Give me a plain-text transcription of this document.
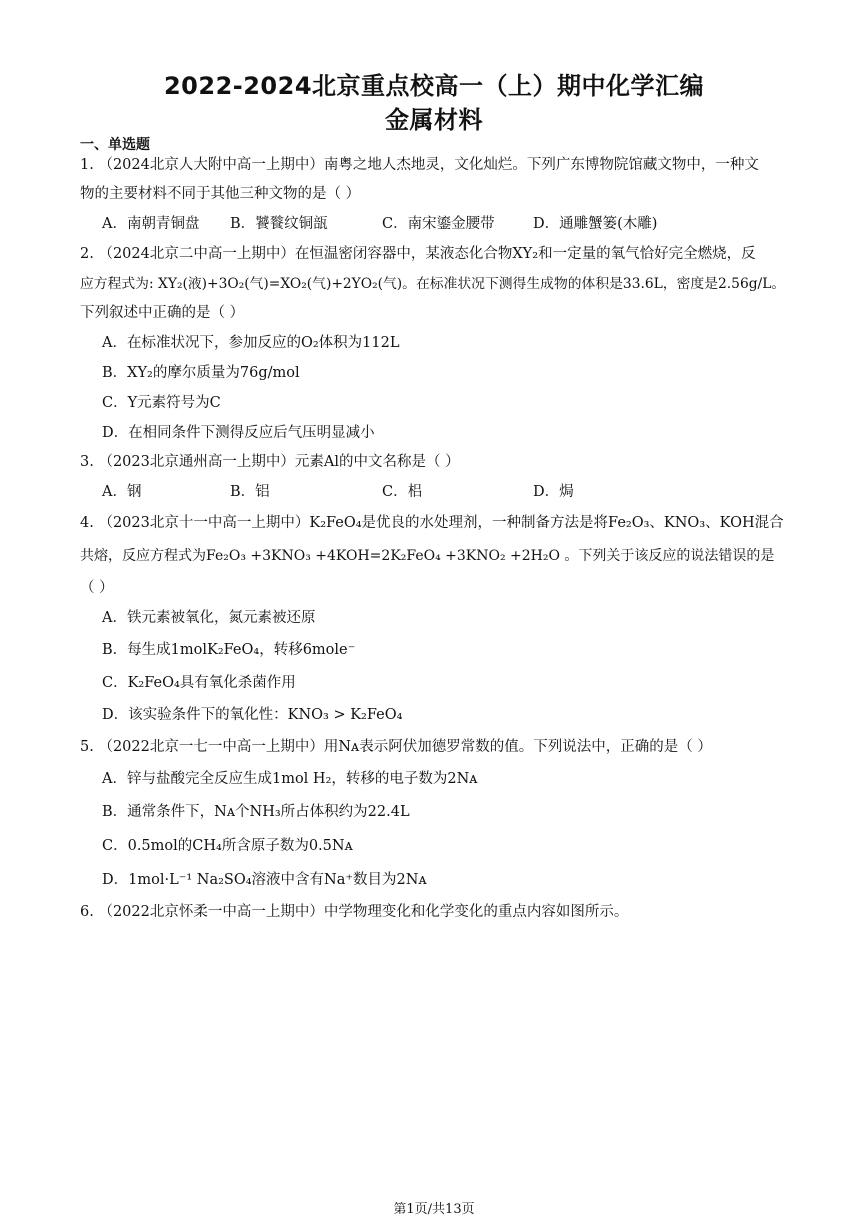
2022-2024北京重点校高一（上）期中化学汇编
金属材料
一、单选题
1. （2024北京人大附中高一上期中）南粤之地人杰地灵，文化灿烂。下列广东博物院馆藏文物中，一种文
物的主要材料不同于其他三种文物的是（ ）
A．南朝青铜盘 B．饕餮纹铜瓿	C．南宋鎏金腰带	D．通雕蟹篓(木雕)
2. （2024北京二中高一上期中）在恒温密闭容器中，某液态化合物XY₂和一定量的氧气恰好完全燃烧，反
应方程式为: XY₂(液)+3O₂(气)=XO₂(气)+2YO₂(气)。在标准状况下测得生成物的体积是33.6L，密度是2.56g/L。
下列叙述中正确的是（ ）
A．在标准状况下，参加反应的O₂体积为112L
B．XY₂的摩尔质量为76g/mol
C．Y元素符号为C
D．在相同条件下测得反应后气压明显减小
3. （2023北京通州高一上期中）元素Al的中文名称是（ ）
A．钢	B．铝	C．梠	D．焗
4. （2023北京十一中高一上期中）K₂FeO₄是优良的水处理剂，一种制备方法是将Fe₂O₃、KNO₃、KOH混合
共熔，反应方程式为Fe₂O₃ +3KNO₃ +4KOH=2K₂FeO₄ +3KNO₂ +2H₂O 。下列关于该反应的说法错误的是
（ ）
A．铁元素被氧化，氮元素被还原
B．每生成1molK₂FeO₄，转移6mole⁻
C．K₂FeO₄具有氧化杀菌作用
D．该实验条件下的氧化性：KNO₃ > K₂FeO₄
5. （2022北京一七一中高一上期中）用Nᴀ表示阿伏加德罗常数的值。下列说法中，正确的是（ ）
A．锌与盐酸完全反应生成1mol H₂，转移的电子数为2Nᴀ
B．通常条件下，Nᴀ个NH₃所占体积约为22.4L
C．0.5mol的CH₄所含原子数为0.5Nᴀ
D．1mol·L⁻¹ Na₂SO₄溶液中含有Na⁺数目为2Nᴀ
6. （2022北京怀柔一中高一上期中）中学物理变化和化学变化的重点内容如图所示。
第1页/共13页
